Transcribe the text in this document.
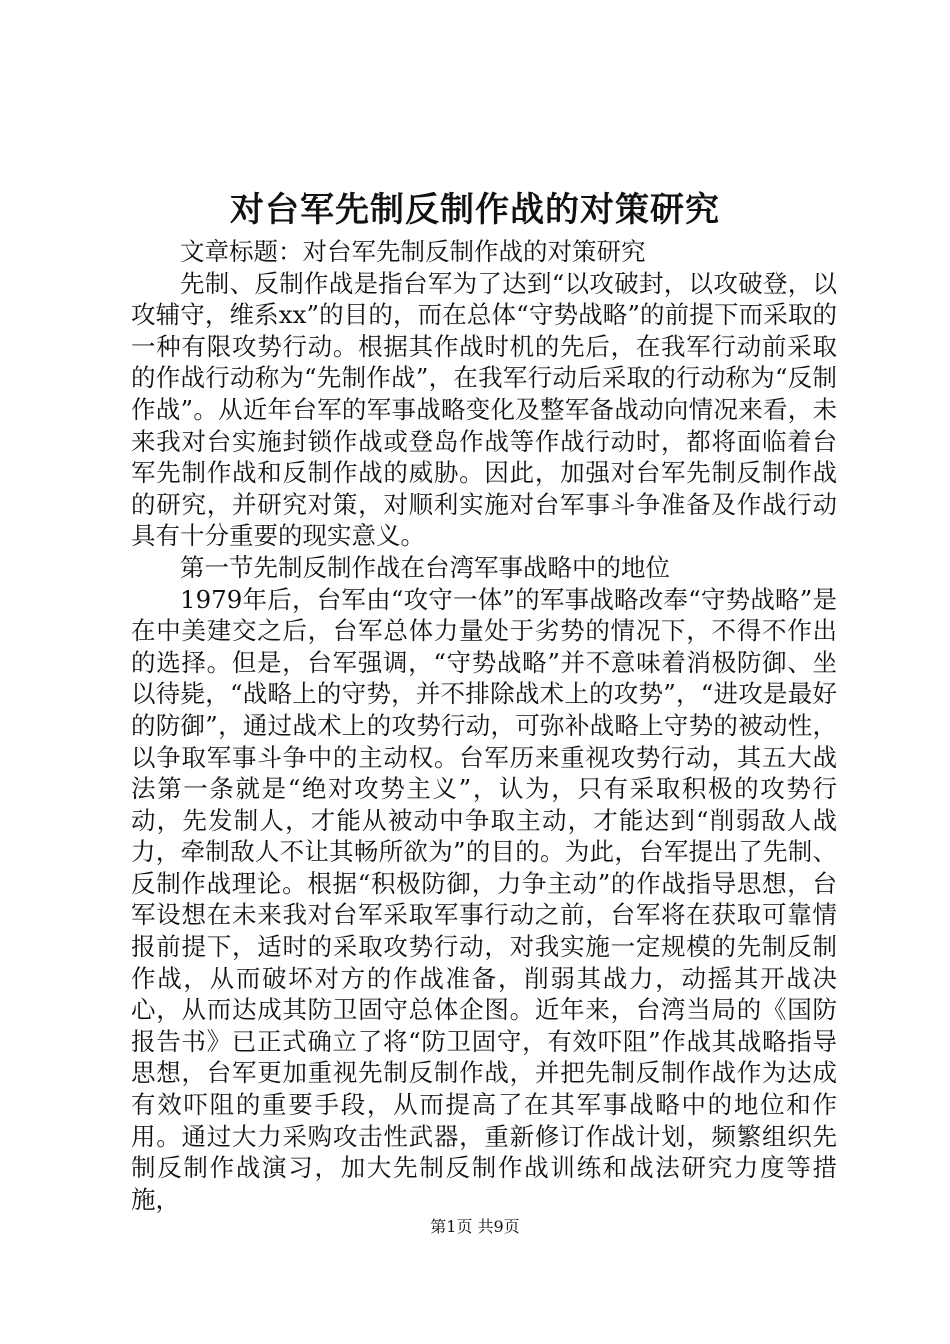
对台军先制反制作战的对策研究

文章标题：对台军先制反制作战的对策研究

先制、反制作战是指台军为了达到“以攻破封，以攻破登，以攻辅守，维系xx”的目的，而在总体“守势战略”的前提下而采取的一种有限攻势行动。根据其作战时机的先后，在我军行动前采取的作战行动称为“先制作战”，在我军行动后采取的行动称为“反制作战”。从近年台军的军事战略变化及整军备战动向情况来看，未来我对台实施封锁作战或登岛作战等作战行动时，都将面临着台军先制作战和反制作战的威胁。因此，加强对台军先制反制作战的研究，并研究对策，对顺利实施对台军事斗争准备及作战行动具有十分重要的现实意义。

第一节先制反制作战在台湾军事战略中的地位

1979年后，台军由“攻守一体”的军事战略改奉“守势战略”是在中美建交之后，台军总体力量处于劣势的情况下，不得不作出的选择。但是，台军强调，“守势战略”并不意味着消极防御、坐以待毙，“战略上的守势，并不排除战术上的攻势”，“进攻是最好的防御”，通过战术上的攻势行动，可弥补战略上守势的被动性，以争取军事斗争中的主动权。台军历来重视攻势行动，其五大战法第一条就是“绝对攻势主义”，认为，只有采取积极的攻势行动，先发制人，才能从被动中争取主动，才能达到“削弱敌人战力，牵制敌人不让其畅所欲为”的目的。为此，台军提出了先制、反制作战理论。根据“积极防御，力争主动”的作战指导思想，台军设想在未来我对台军采取军事行动之前，台军将在获取可靠情报前提下，适时的采取攻势行动，对我实施一定规模的先制反制作战，从而破坏对方的作战准备，削弱其战力，动摇其开战决心，从而达成其防卫固守总体企图。近年来，台湾当局的《国防报告书》已正式确立了将“防卫固守，有效吓阻”作战其战略指导思想，台军更加重视先制反制作战，并把先制反制作战作为达成有效吓阻的重要手段，从而提高了在其军事战略中的地位和作用。通过大力采购攻击性武器，重新修订作战计划，频繁组织先制反制作战演习，加大先制反制作战训练和战法研究力度等措施，

第1页 共9页
